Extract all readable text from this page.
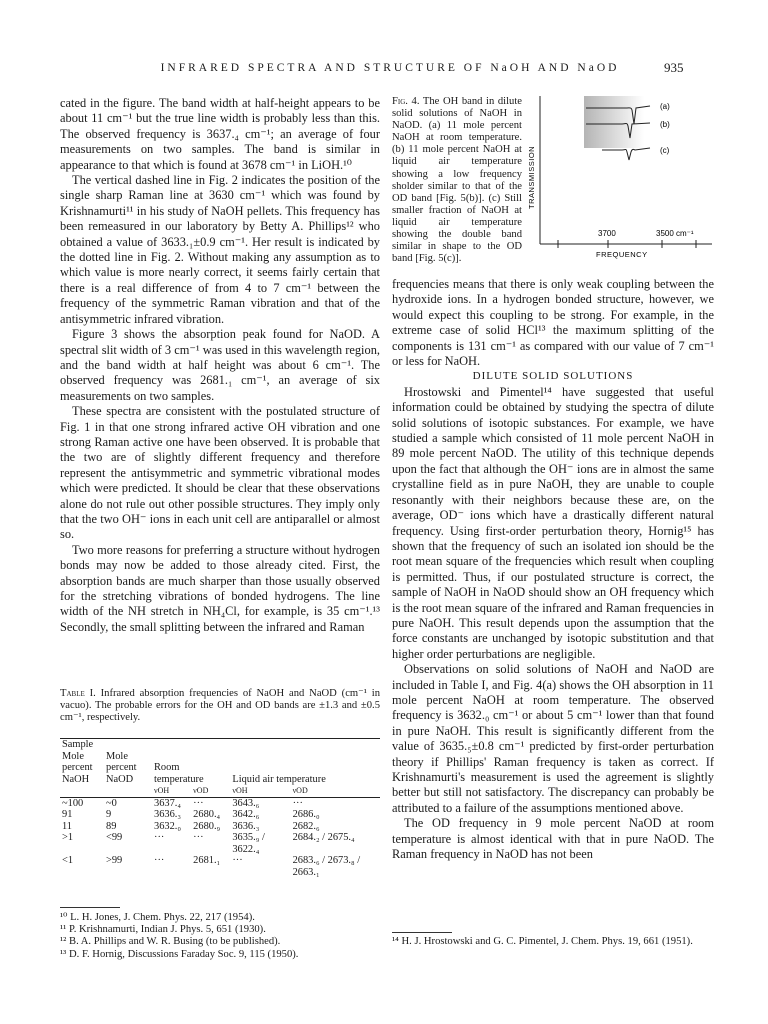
INFRARED SPECTRA AND STRUCTURE OF NaOH AND NaOD	935

cated in the figure. The band width at half-height appears to be about 11 cm⁻¹ but the true line width is probably less than this. The observed frequency is 3637.₄ cm⁻¹; an average of four measurements on two samples. The band is similar in appearance to that which is found at 3678 cm⁻¹ in LiOH.¹⁰

The vertical dashed line in Fig. 2 indicates the position of the single sharp Raman line at 3630 cm⁻¹ which was found by Krishnamurti¹¹ in his study of NaOH pellets. This frequency has been remeasured in our laboratory by Betty A. Phillips¹² who obtained a value of 3633.₁±0.9 cm⁻¹. Her result is indicated by the dotted line in Fig. 2. Without making any assumption as to which value is more nearly correct, it seems fairly certain that there is a real difference of from 4 to 7 cm⁻¹ between the frequency of the symmetric Raman vibration and that of the antisymmetric infrared vibration.

Figure 3 shows the absorption peak found for NaOD. A spectral slit width of 3 cm⁻¹ was used in this wavelength region, and the band width at half height was about 6 cm⁻¹. The observed frequency was 2681.₁ cm⁻¹, an average of six measurements on two samples.

These spectra are consistent with the postulated structure of Fig. 1 in that one strong infrared active OH vibration and one strong Raman active one have been observed. It is probable that the two are of slightly different frequency and therefore represent the antisymmetric and symmetric vibrational modes which were predicted. It should be clear that these observations alone do not rule out other possible structures. They imply only that the two OH⁻ ions in each unit cell are antiparallel or almost so.

Two more reasons for preferring a structure without hydrogen bonds may now be added to those already cited. First, the absorption bands are much sharper than those usually observed for the stretching vibrations of bonded hydrogens. The line width of the NH stretch in NH₄Cl, for example, is 35 cm⁻¹.¹³ Secondly, the small splitting between the infrared and Raman

Fig. 4. The OH band in dilute solid solutions of NaOH in NaOD. (a) 11 mole percent NaOH at room temperature. (b) 11 mole percent NaOH at liquid air temperature showing a low frequency sholder similar to that of the OD band [Fig. 5(b)]. (c) Still smaller fraction of NaOH at liquid air temperature showing the double band similar in shape to the OD band [Fig. 5(c)].

(a)
(b)
(c)
TRANSMISSION
3700	3500 cm⁻¹
FREQUENCY

frequencies means that there is only weak coupling between the hydroxide ions. In a hydrogen bonded structure, however, we would expect this coupling to be strong. For example, in the extreme case of solid HCl¹³ the maximum splitting of the components is 131 cm⁻¹ as compared with our value of 7 cm⁻¹ or less for NaOH.

DILUTE SOLID SOLUTIONS

Hrostowski and Pimentel¹⁴ have suggested that useful information could be obtained by studying the spectra of dilute solid solutions of isotopic substances. For example, we have studied a sample which consisted of 11 mole percent NaOH in 89 mole percent NaOD. The utility of this technique depends upon the fact that although the OH⁻ ions are in almost the same crystalline field as in pure NaOH, they are unable to couple resonantly with their neighbors because these are, on the average, OD⁻ ions which have a drastically different natural frequency. Using first-order perturbation theory, Hornig¹⁵ has shown that the frequency of such an isolated ion should be the root mean square of the frequencies which result when coupling is permitted. Thus, if our postulated structure is correct, the sample of NaOH in NaOD should show an OH frequency which is the root mean square of the infrared and Raman frequencies in pure NaOH. This result depends upon the assumption that the force constants are unchanged by isotopic substitution and that higher order perturbations are negligible.

Observations on solid solutions of NaOH and NaOD are included in Table I, and Fig. 4(a) shows the OH absorption in 11 mole percent NaOH at room temperature. The observed frequency is 3632.₀ cm⁻¹ or about 5 cm⁻¹ lower than that found in pure NaOH. This result is significantly different from the value of 3635.₅±0.8 cm⁻¹ predicted by first-order perturbation theory if Phillips' Raman frequency is taken as correct. If Krishnamurti's measurement is used the agreement is slightly better but still not satisfactory. The discrepancy can probably be attributed to a failure of the assumptions mentioned above.

The OD frequency in 9 mole percent NaOD at room temperature is almost identical with that in pure NaOD. The Raman frequency in NaOD has not been

Table I. Infrared absorption frequencies of NaOH and NaOD (cm⁻¹ in vacuo). The probable errors for the OH and OD bands are ±1.3 and ±0.5 cm⁻¹, respectively.

Sample					
Mole percent NaOH	Mole percent NaOD	Room temperature		Liquid air temperature	
		νOH	νOD	νOH	νOD
~100	~0	3637.₄	···	3643.₆	···
91	9	3636.₃	2680.₄	3642.₆	2686.₀
11	89	3632.₀	2680.₉	3636.₃	2682.₆
>1	<99	···	···	3635.₉ / 3622.₄	2684.₂ / 2675.₄
<1	>99	···	2681.₁	···	2683.₆ / 2673.₈ / 2663.₁

¹⁰ L. H. Jones, J. Chem. Phys. 22, 217 (1954).

¹¹ P. Krishnamurti, Indian J. Phys. 5, 651 (1930).

¹² B. A. Phillips and W. R. Busing (to be published).

¹³ D. F. Hornig, Discussions Faraday Soc. 9, 115 (1950).

¹⁴ H. J. Hrostowski and G. C. Pimentel, J. Chem. Phys. 19, 661 (1951).
